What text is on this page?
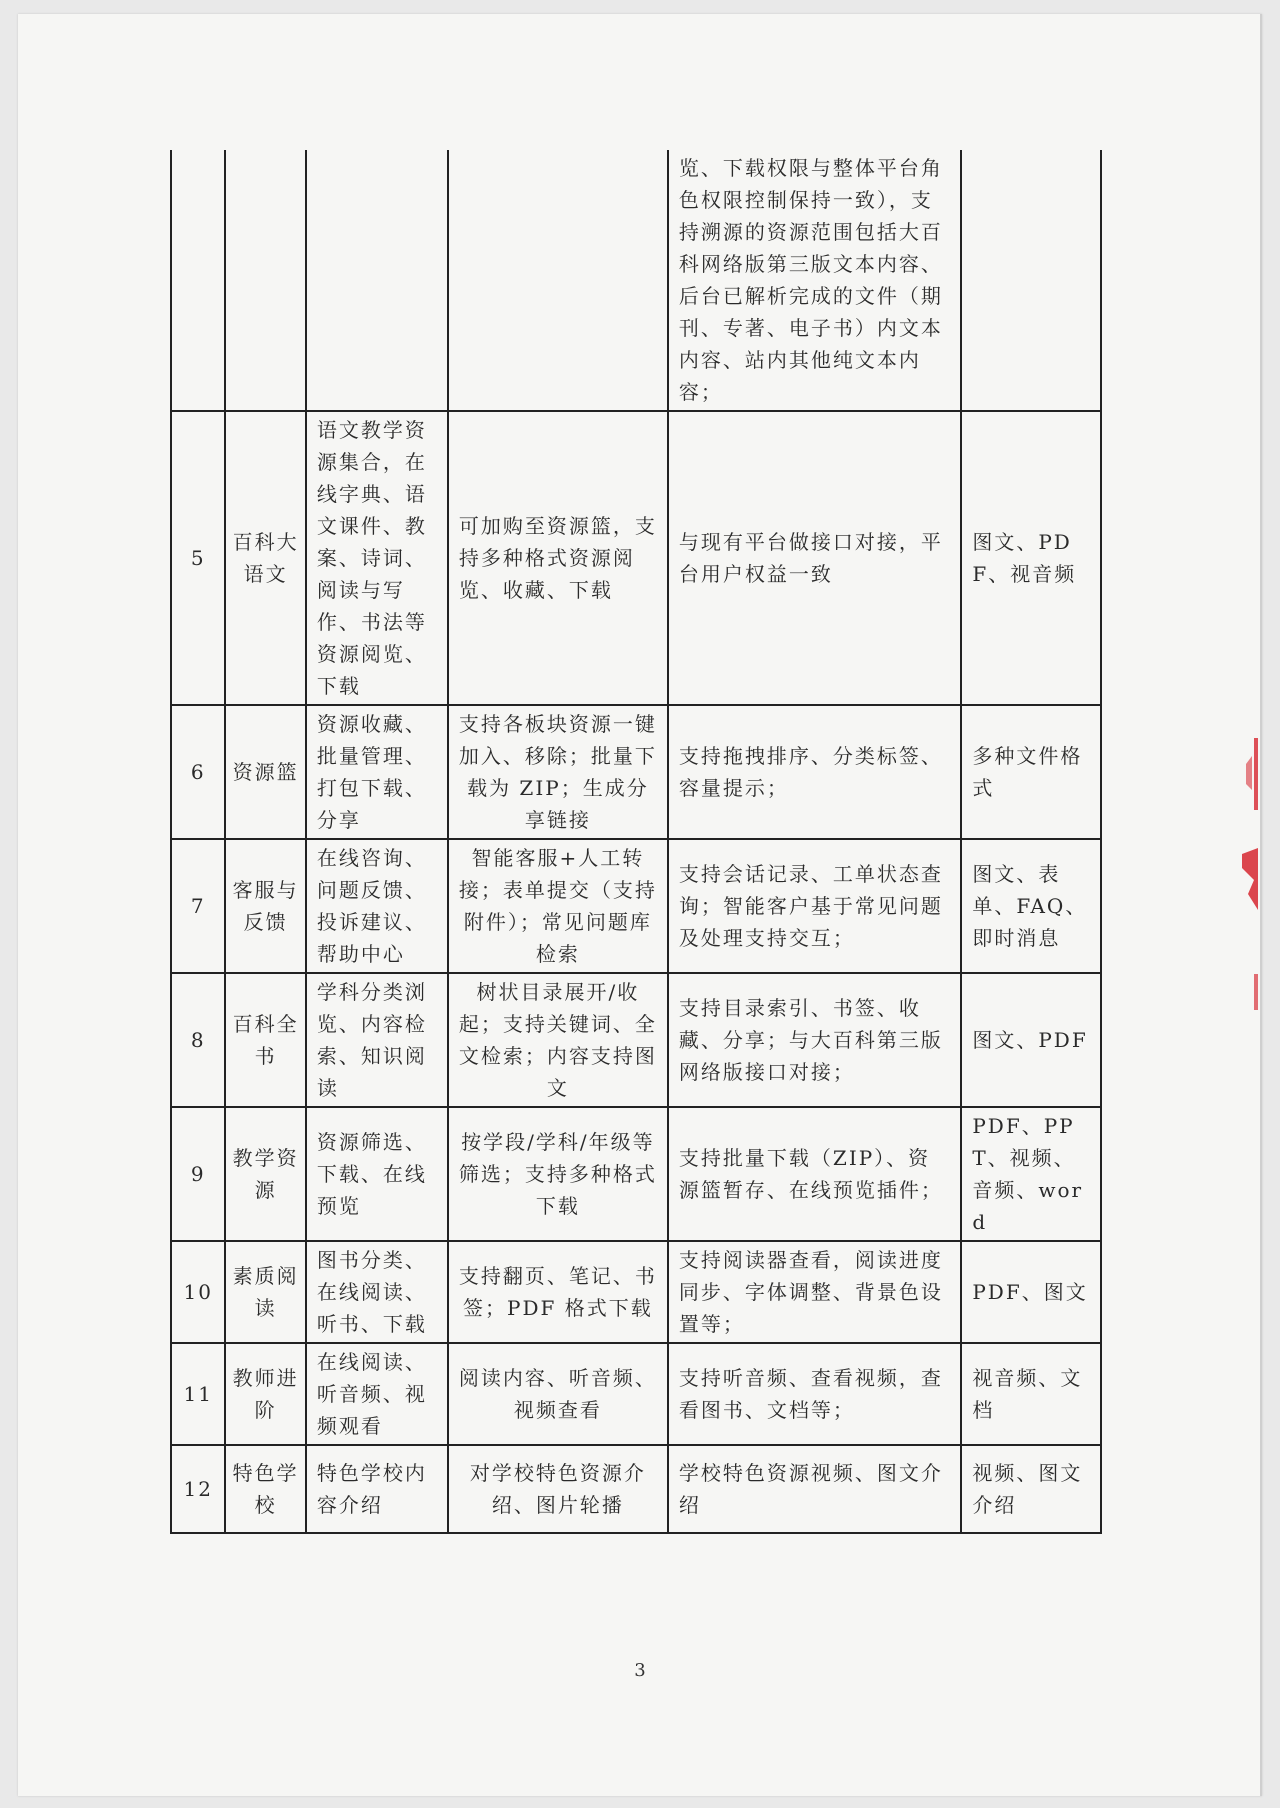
				览、下载权限与整体平台角色权限控制保持一致），支持溯源的资源范围包括大百科网络版第三版文本内容、后台已解析完成的文件（期刊、专著、电子书）内文本内容、站内其他纯文本内容；	
5	百科大语文	语文教学资源集合，在线字典、语文课件、教案、诗词、阅读与写作、书法等资源阅览、下载	可加购至资源篮，支持多种格式资源阅览、收藏、下载	与现有平台做接口对接，平台用户权益一致	图文、PDF、视音频
6	资源篮	资源收藏、批量管理、打包下载、分享	支持各板块资源一键加入、移除；批量下载为 ZIP；生成分享链接	支持拖拽排序、分类标签、容量提示；	多种文件格式
7	客服与反馈	在线咨询、问题反馈、投诉建议、帮助中心	智能客服+人工转接；表单提交（支持附件）；常见问题库检索	支持会话记录、工单状态查询；智能客户基于常见问题及处理支持交互；	图文、表单、FAQ、即时消息
8	百科全书	学科分类浏览、内容检索、知识阅读	树状目录展开/收起；支持关键词、全文检索；内容支持图文	支持目录索引、书签、收藏、分享；与大百科第三版网络版接口对接；	图文、PDF
9	教学资源	资源筛选、下载、在线预览	按学段/学科/年级等筛选；支持多种格式下载	支持批量下载（ZIP）、资源篮暂存、在线预览插件；	PDF、PPT、视频、音频、word
10	素质阅读	图书分类、在线阅读、听书、下载	支持翻页、笔记、书签；PDF 格式下载	支持阅读器查看，阅读进度同步、字体调整、背景色设置等；	PDF、图文
11	教师进阶	在线阅读、听音频、视频观看	阅读内容、听音频、视频查看	支持听音频、查看视频，查看图书、文档等；	视音频、文档
12	特色学校	特色学校内容介绍	对学校特色资源介绍、图片轮播	学校特色资源视频、图文介绍	视频、图文介绍
3
